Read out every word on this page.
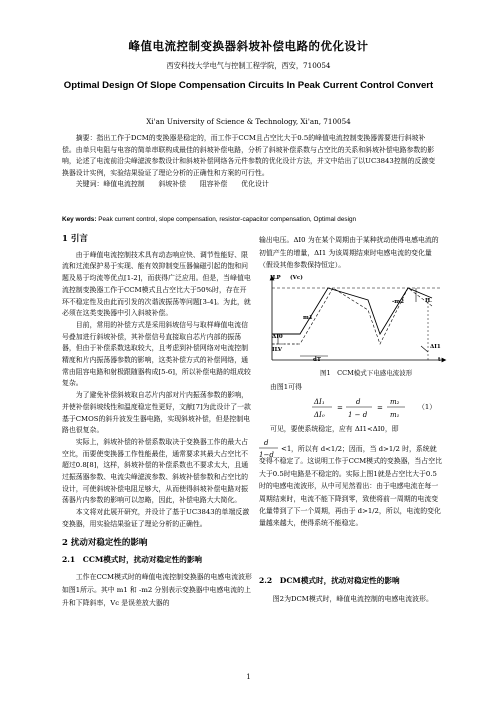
峰值电流控制变换器斜坡补偿电路的优化设计
西安科技大学电气与控制工程学院，西安，710054
Optimal Design Of Slope Compensation Circuits In Peak Current Control Convert
Xi'an University of Science & Technology, Xi'an, 710054

摘要：指出工作于DCM的变换器是稳定的，而工作于CCM且占空比大于0.5的峰值电流控制变换器需要进行斜坡补偿。由单只电阻与电容的简单串联构成最佳的斜坡补偿电路，分析了斜坡补偿系数与占空比的关系和斜坡补偿电路参数的影响，论述了电流前沿尖峰滤波参数设计和斜坡补偿网络各元件参数的优化设计方法，并文中给出了以UC3843控制的反激变换器设计实例，实验结果验证了理论分析的正确性和方案的可行性。

关键词：峰值电流控制　　斜坡补偿　　阻容补偿　　优化设计

Key words: Peak current control, slope compensation, resistor-capacitor compensation, Optimal design
1 引言

由于峰值电流控制技术具有动态响应快、调节性能好、限流和过流保护易于实现、能有效抑制变压器偏磁引起的饱和问题及易于均流等优点[1-2]，而获得广泛应用。但是，当峰值电流控制变换器工作于CCM模式且占空比大于50%时，存在开环不稳定性及由此而引发的次谐波振荡等问题[3-4]。为此，就必须在这类变换器中引入斜坡补偿。

目前，常用的补偿方式是采用斜坡信号与取样峰值电流信号叠加进行斜坡补偿，其补偿信号直接取自芯片内部的振荡器，但由于补偿系数选取较大，且考虑到补偿网络对电流控制精度和片内振荡器参数的影响，这类补偿方式的补偿网络，通常由阻容电路和射极跟随器构成[5-6]，所以补偿电路的组成较复杂。

为了避免补偿斜坡取自芯片内部对片内振荡参数的影响，并使补偿斜坡线性和温度稳定性更好，文献[7]为此设计了一款基于CMOS的斜升波发生器电路，实现斜坡补偿，但是控制电路也很复杂。

实际上，斜坡补偿的补偿系数取决于变换器工作的最大占空比，而要使变换器工作性能最佳，通常要求其最大占空比不超过0.8[8]，这样，斜坡补偿的补偿系数也不要求太大，且通过振荡器参数、电流尖峰滤波参数、斜坡补偿参数和占空比的设计，可使斜坡补偿电阻足够大，从而使得斜坡补偿电路对振荡器片内参数的影响可以忽略，因此，补偿电路大大简化。

本文将对此展开研究，并设计了基于UC3843的单端反激变换器，用实验结果验证了理论分析的正确性。

2 扰动对稳定性的影响
2.1　CCM模式时，扰动对稳定性的影响

工作在CCM模式时的峰值电流控制变换器的电感电流波形如图1所示。其中 m1 和 -m2 分别表示变换器中电感电流的上升和下降斜率，Vc 是误差放大器的

输出电压。ΔI0 为在某个周期由于某种扰动使得电感电流的初值产生的增量，ΔI1 为该周期结束时电感电流的变化量（假设其他参数保持恒定）。
ILP (Vc)
-m2	IL
m1
ΔI0
ILV
dT
ΔI1
t
图1　CCM模式下电感电流波形
由图1可得
ΔI₁
ΔI₀
=
d
1 − d
=
m₂
m₁
（1）
可见，要使系统稳定，应有 ΔI1<ΔI0，即
d
1−d
<1 ，所以有 d<1/2；因而，当 d>1/2 时，系统就变得不稳定了。这说明工作于CCM模式的变换器，当占空比大于0.5时电路是不稳定的。实际上图1就是占空比大于0.5时的电感电流波形，从中可见然看出：由于电感电流在每一周期结束时，电流不能下降到零，致使将前一周期的电流变化量带到了下一个周期，再由于 d>1/2，所以，电流的变化量越来越大，使得系统不能稳定。
2.2　DCM模式时，扰动对稳定性的影响
图2为DCM模式时，峰值电流控制的电感电流波形。
1
